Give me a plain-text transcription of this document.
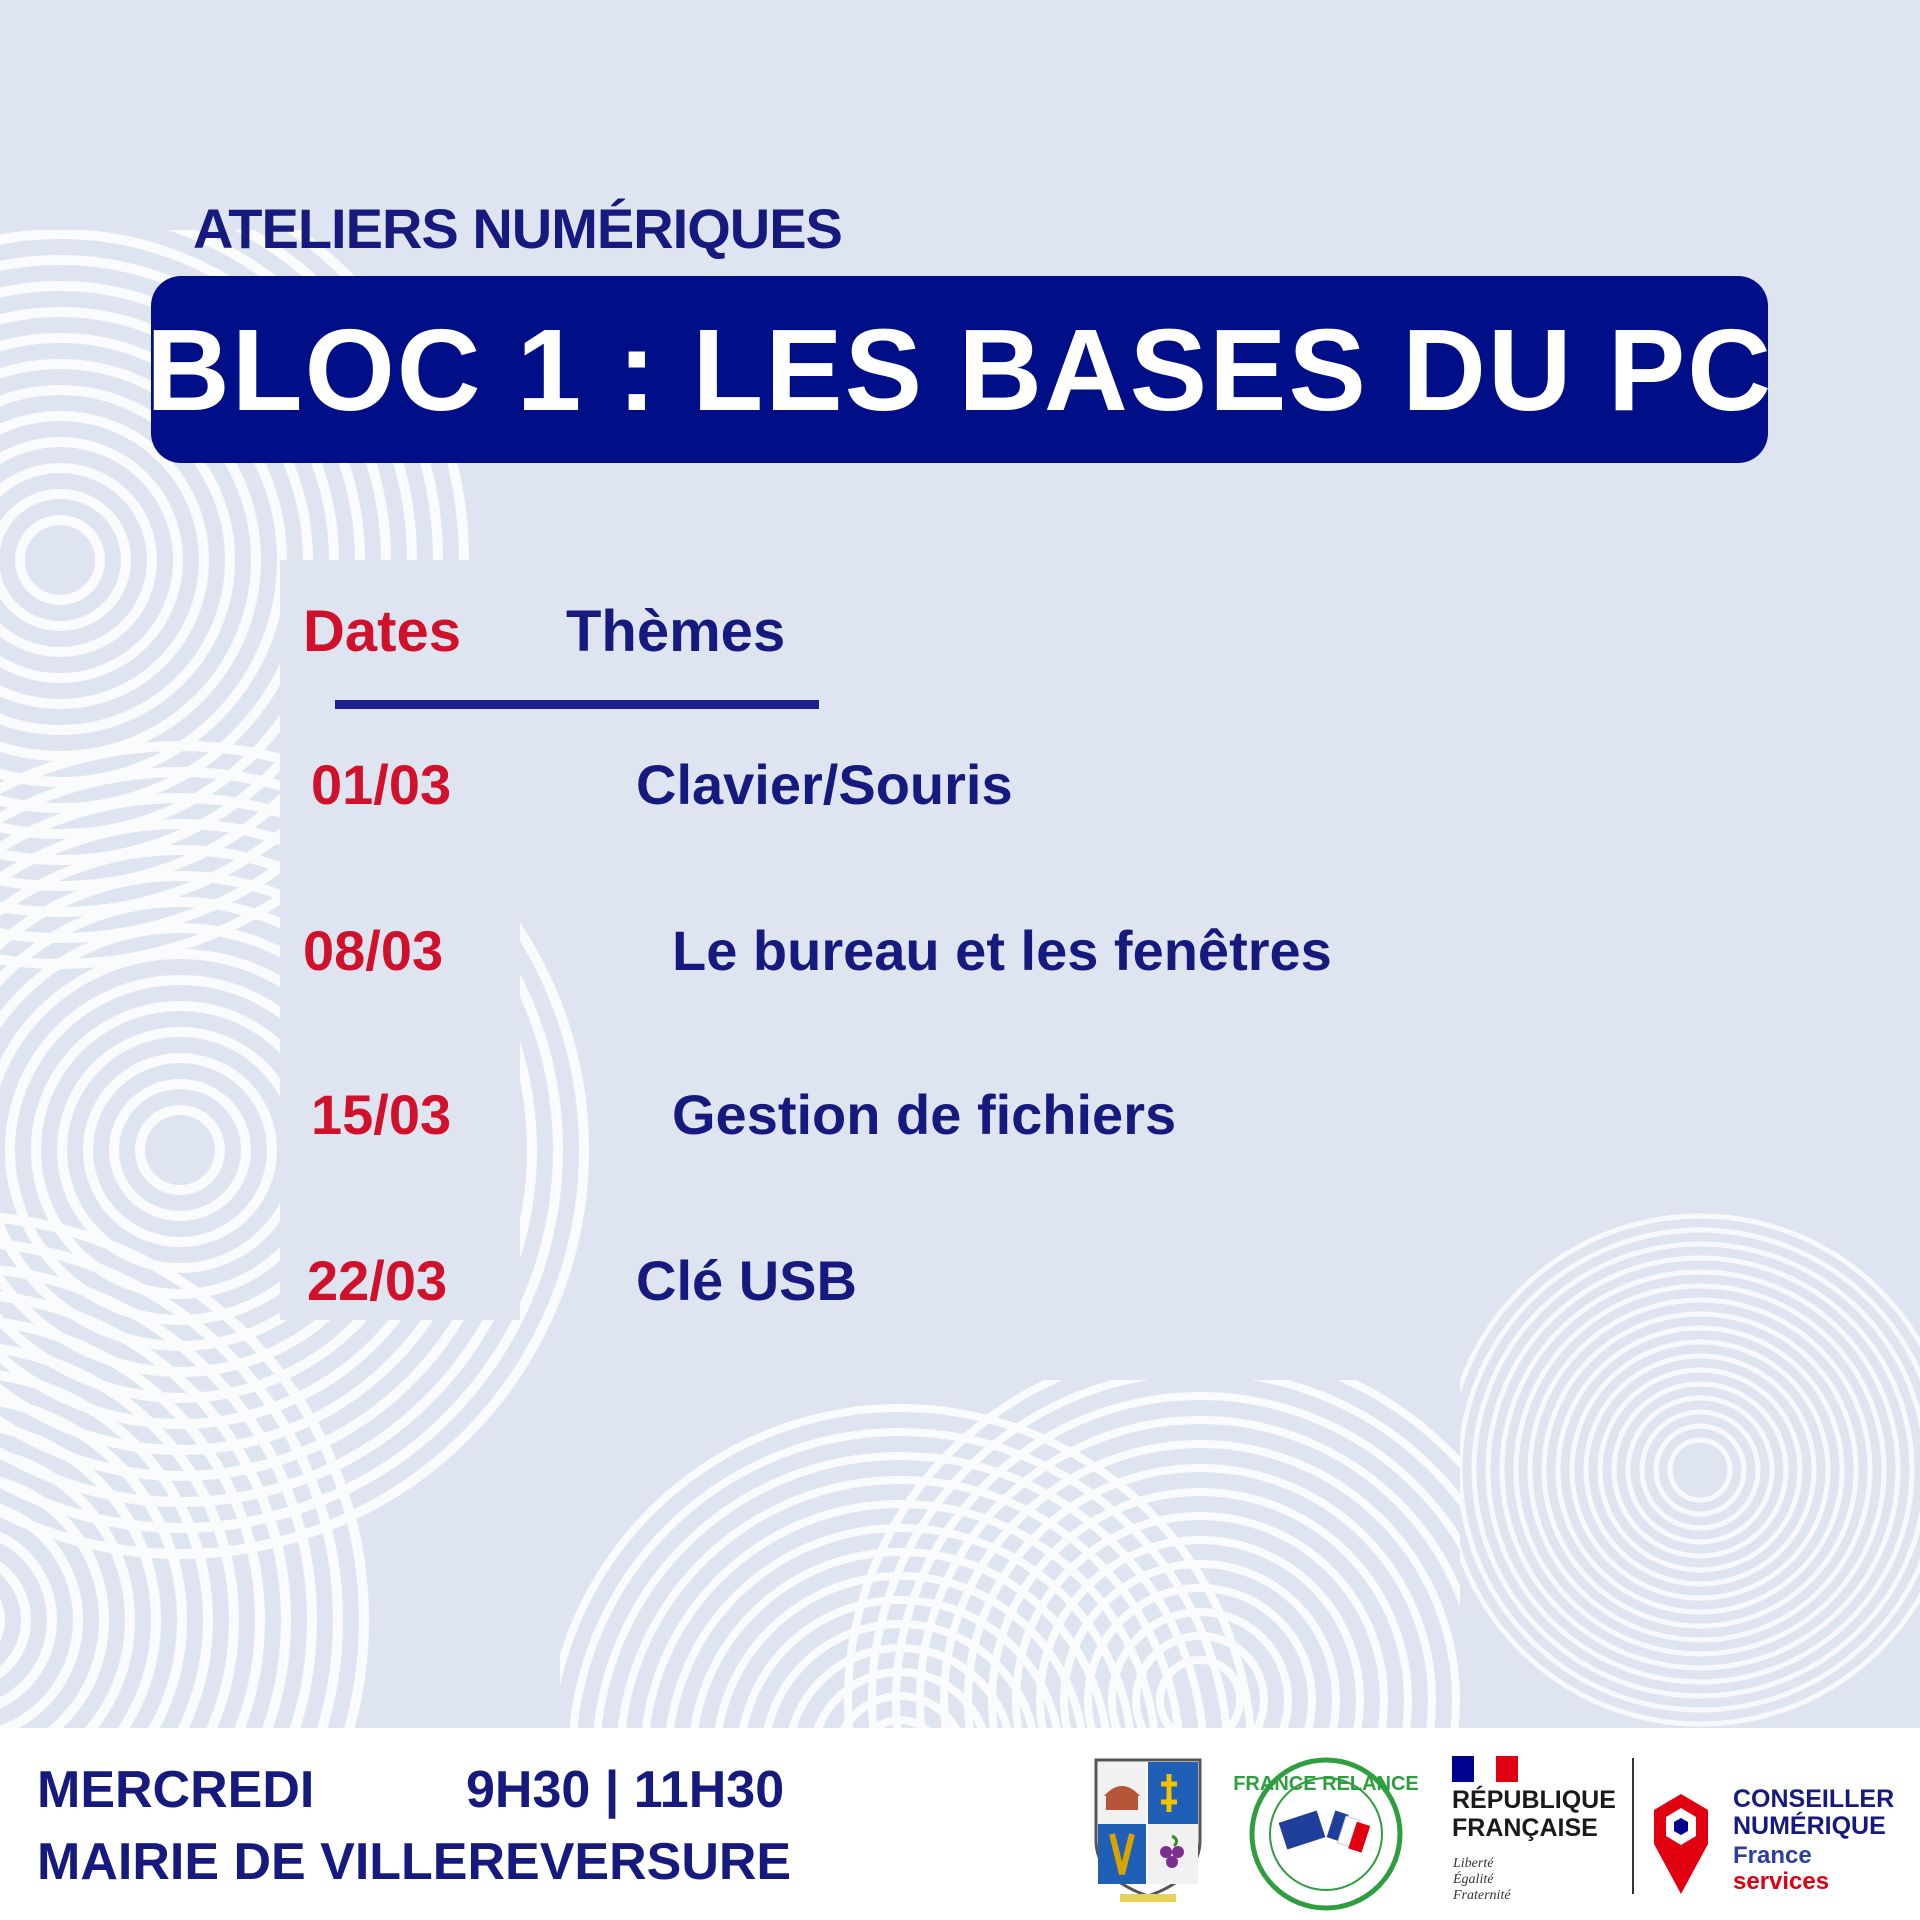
ATELIERS NUMÉRIQUES
BLOC 1 : LES BASES DU PC
Dates Thèmes
01/03	Clavier/Souris
08/03	Le bureau et les fenêtres
15/03	Gestion de fichiers
22/03	Clé USB
MERCREDI	9H30 | 11H30
MAIRIE DE VILLEREVERSURE
FRANCE RELANCE
RÉPUBLIQUE FRANÇAISE
Liberté
Égalité
Fraternité
CONSEILLER NUMÉRIQUE
France
services
